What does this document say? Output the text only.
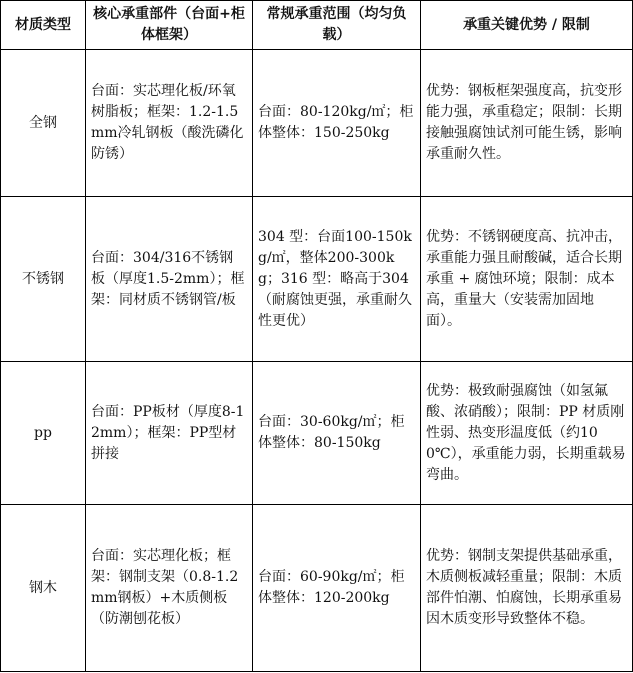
材质类型	核心承重部件（台面+柜体框架）	常规承重范围（均匀负载）	承重关键优势 / 限制
全钢	台面：实芯理化板/环氧树脂板；框架：1.2-1.5mm冷轧钢板（酸洗磷化防锈）	台面：80-120kg/㎡；柜体整体：150-250kg	优势：钢板框架强度高，抗变形能力强，承重稳定；限制：长期接触强腐蚀试剂可能生锈，影响承重耐久性。
不锈钢	台面：304/316不锈钢板（厚度1.5-2mm）；框架：同材质不锈钢管/板	304 型：台面100-150kg/㎡，整体200-300kg；316 型：略高于304（耐腐蚀更强，承重耐久性更优）	优势：不锈钢硬度高、抗冲击，承重能力强且耐酸碱，适合长期承重 + 腐蚀环境；限制：成本高，重量大（安装需加固地面）。
pp	台面：PP板材（厚度8-12mm）；框架：PP型材拼接	台面：30-60kg/㎡；柜体整体：80-150kg	优势：极致耐强腐蚀（如氢氟酸、浓硝酸）；限制：PP 材质刚性弱、热变形温度低（约100℃），承重能力弱，长期重载易弯曲。
钢木	台面：实芯理化板；框架：钢制支架（0.8-1.2mm钢板）+木质侧板（防潮刨花板）	台面：60-90kg/㎡；柜体整体：120-200kg	优势：钢制支架提供基础承重，木质侧板减轻重量；限制：木质部件怕潮、怕腐蚀，长期承重易因木质变形导致整体不稳。
